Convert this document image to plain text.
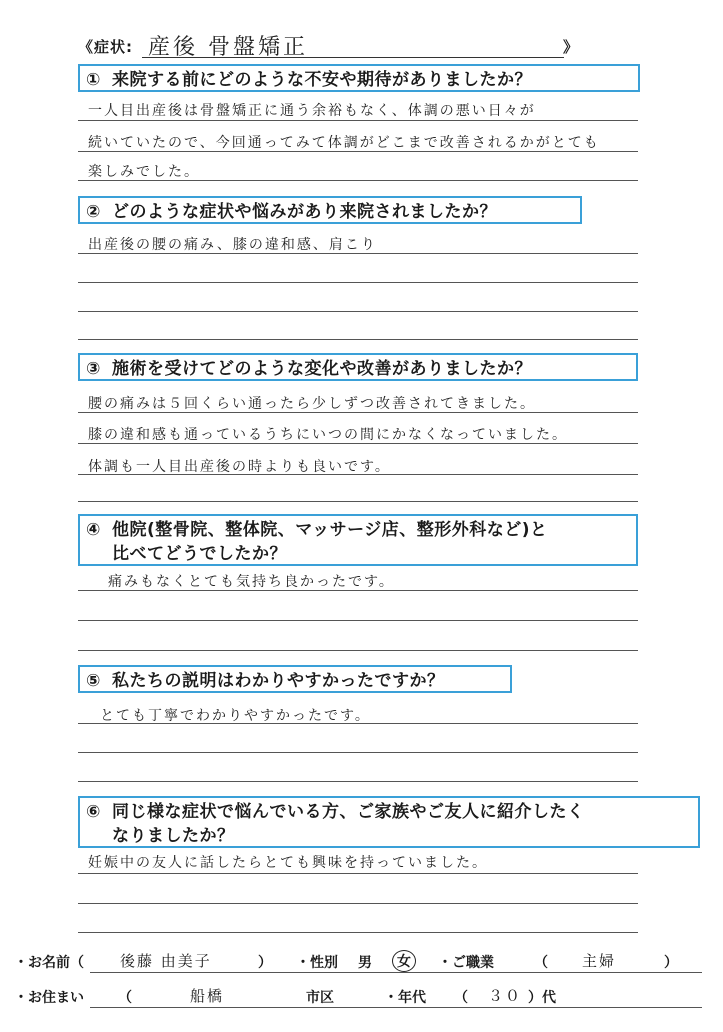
《症状: 産後 骨盤矯正	》
① 来院する前にどのような不安や期待がありましたか？
一人目出産後は骨盤矯正に通う余裕もなく、体調の悪い日々が
続いていたので、今回通ってみて体調がどこまで改善されるかがとても
楽しみでした。
② どのような症状や悩みがあり来院されましたか？
出産後の腰の痛み、膝の違和感、肩こり
③ 施術を受けてどのような変化や改善がありましたか？
腰の痛みは５回くらい通ったら少しずつ改善されてきました。
膝の違和感も通っているうちにいつの間にかなくなっていました。
体調も一人目出産後の時よりも良いです。
④ 他院(整骨院、整体院、マッサージ店、整形外科など)と
比べてどうでしたか？
痛みもなくとても気持ち良かったです。
⑤ 私たちの説明はわかりやすかったですか？
とても丁寧でわかりやすかったです。
⑥ 同じ様な症状で悩んでいる方、ご家族やご友人に紹介したく
なりましたか？
妊娠中の友人に話したらとても興味を持っていました。
・お名前（ 後藤 由美子	） ・性別 男	女	・ご職業	（ 主婦	）
・お住まい （	船橋	市区	・年代 （ ３０ ）代
